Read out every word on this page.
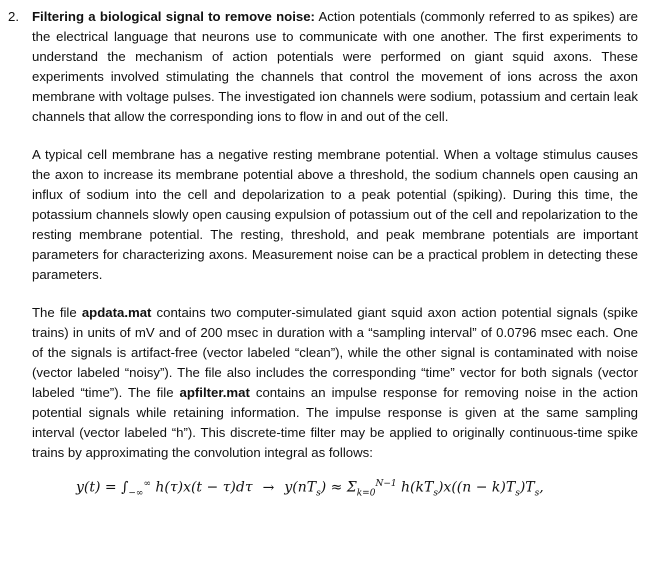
2. Filtering a biological signal to remove noise: Action potentials (commonly referred to as spikes) are the electrical language that neurons use to communicate with one another. The first experiments to understand the mechanism of action potentials were performed on giant squid axons. These experiments involved stimulating the channels that control the movement of ions across the axon membrane with voltage pulses. The investigated ion channels were sodium, potassium and certain leak channels that allow the corresponding ions to flow in and out of the cell.

A typical cell membrane has a negative resting membrane potential. When a voltage stimulus causes the axon to increase its membrane potential above a threshold, the sodium channels open causing an influx of sodium into the cell and depolarization to a peak potential (spiking). During this time, the potassium channels slowly open causing expulsion of potassium out of the cell and repolarization to the resting membrane potential. The resting, threshold, and peak membrane potentials are important parameters for characterizing axons. Measurement noise can be a practical problem in detecting these parameters.

The file apdata.mat contains two computer-simulated giant squid axon action potential signals (spike trains) in units of mV and of 200 msec in duration with a “sampling interval” of 0.0796 msec each. One of the signals is artifact-free (vector labeled “clean”), while the other signal is contaminated with noise (vector labeled “noisy”). The file also includes the corresponding “time” vector for both signals (vector labeled “time”). The file apfilter.mat contains an impulse response for removing noise in the action potential signals while retaining information. The impulse response is given at the same sampling interval (vector labeled “h”). This discrete-time filter may be applied to originally continuous-time spike trains by approximating the convolution integral as follows:

$y(t) = \int_{-\infty}^\infty$ $h(\tau)x(t - \tau)d\tau \to y(nT_s) \approx \Sigma_{k=0}^{N-1}$ $h(kT_s)x((n - k)T_s)T_s$,
